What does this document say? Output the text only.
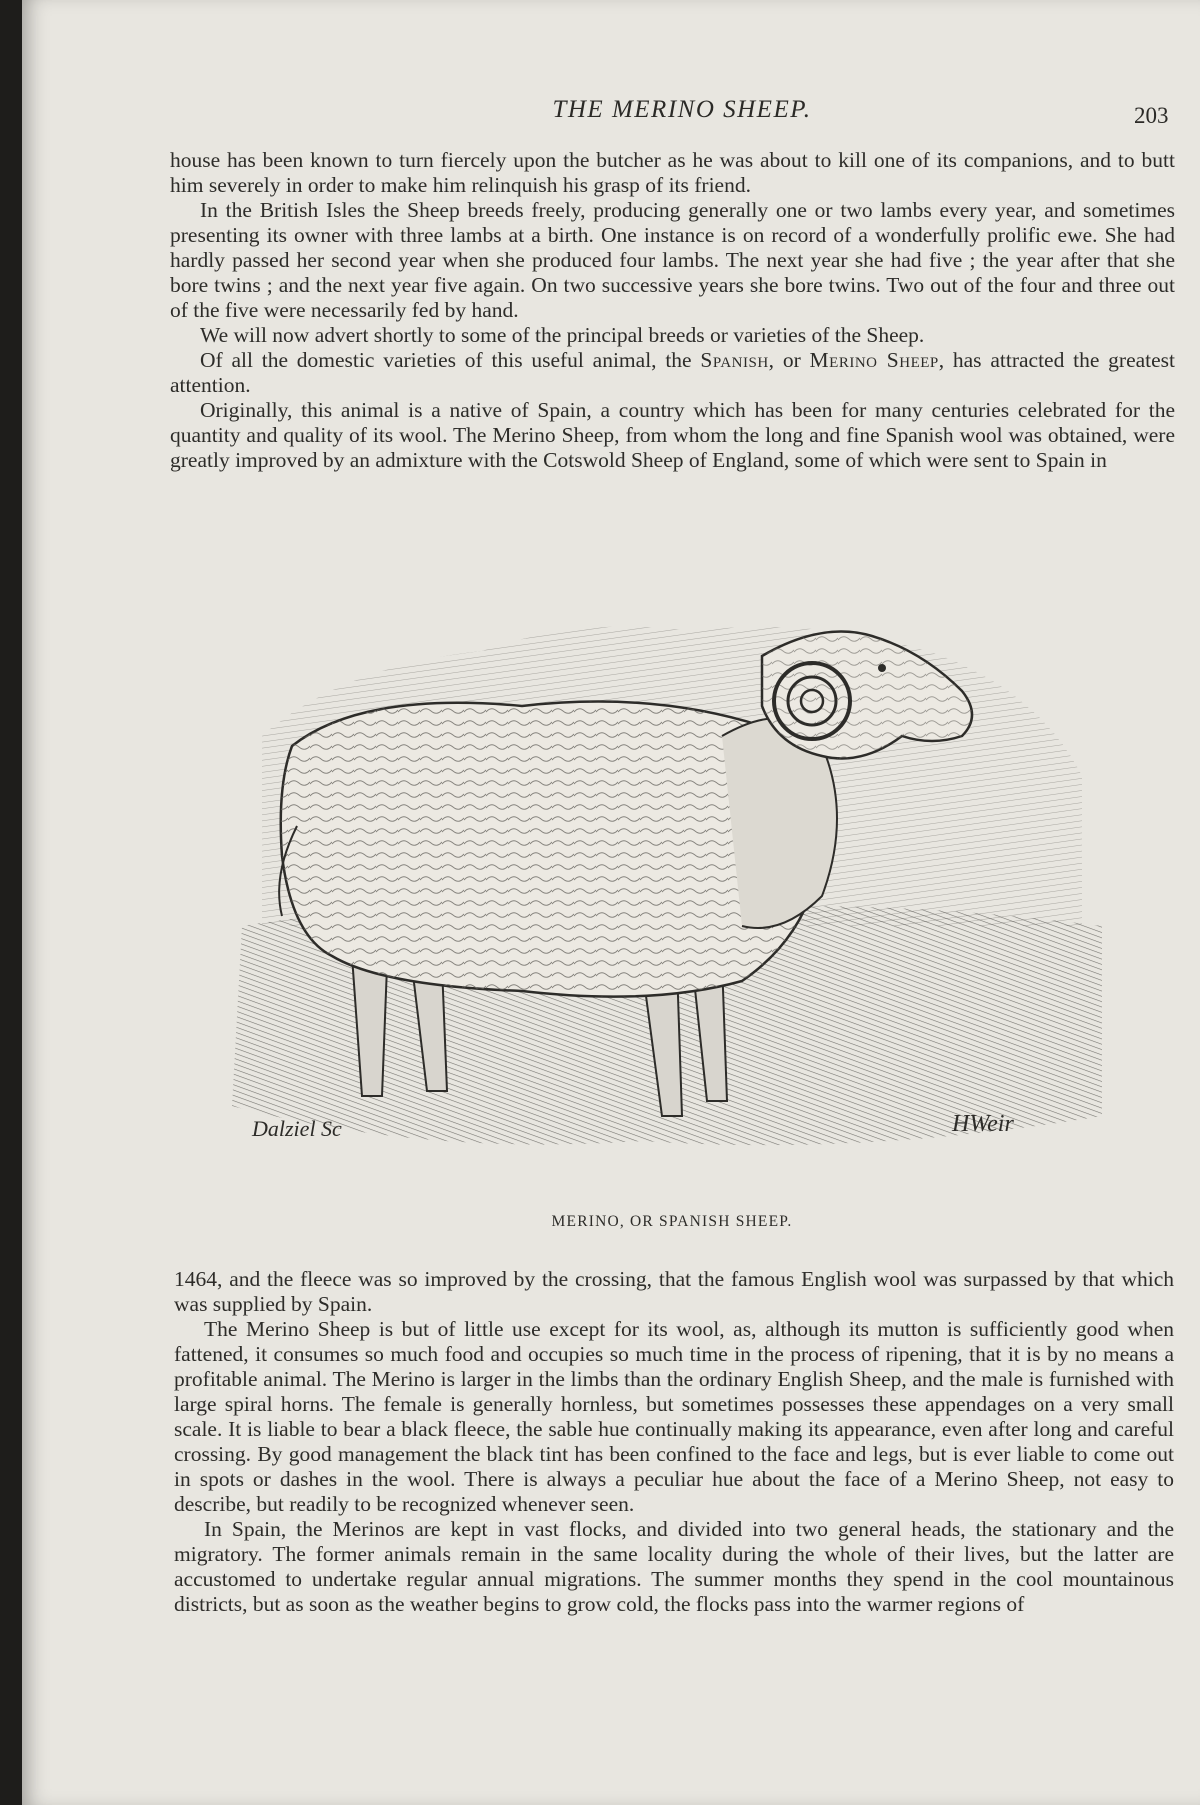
THE MERINO SHEEP.	203

house has been known to turn fiercely upon the butcher as he was about to kill one of its companions, and to butt him severely in order to make him relinquish his grasp of its friend.

In the British Isles the Sheep breeds freely, producing generally one or two lambs every year, and sometimes presenting its owner with three lambs at a birth. One instance is on record of a wonderfully prolific ewe. She had hardly passed her second year when she produced four lambs. The next year she had five ; the year after that she bore twins ; and the next year five again. On two successive years she bore twins. Two out of the four and three out of the five were necessarily fed by hand.

We will now advert shortly to some of the principal breeds or varieties of the Sheep.

Of all the domestic varieties of this useful animal, the Spanish, or Merino Sheep, has attracted the greatest attention.

Originally, this animal is a native of Spain, a country which has been for many centuries celebrated for the quantity and quality of its wool. The Merino Sheep, from whom the long and fine Spanish wool was obtained, were greatly improved by an admixture with the Cotswold Sheep of England, some of which were sent to Spain in

Dalziel Sc	HWeir
MERINO, OR SPANISH SHEEP.

1464, and the fleece was so improved by the crossing, that the famous English wool was surpassed by that which was supplied by Spain.

The Merino Sheep is but of little use except for its wool, as, although its mutton is sufficiently good when fattened, it consumes so much food and occupies so much time in the process of ripening, that it is by no means a profitable animal. The Merino is larger in the limbs than the ordinary English Sheep, and the male is furnished with large spiral horns. The female is generally hornless, but sometimes possesses these appendages on a very small scale. It is liable to bear a black fleece, the sable hue continually making its appearance, even after long and careful crossing. By good management the black tint has been confined to the face and legs, but is ever liable to come out in spots or dashes in the wool. There is always a peculiar hue about the face of a Merino Sheep, not easy to describe, but readily to be recognized whenever seen.

In Spain, the Merinos are kept in vast flocks, and divided into two general heads, the stationary and the migratory. The former animals remain in the same locality during the whole of their lives, but the latter are accustomed to undertake regular annual migrations. The summer months they spend in the cool mountainous districts, but as soon as the weather begins to grow cold, the flocks pass into the warmer regions of
